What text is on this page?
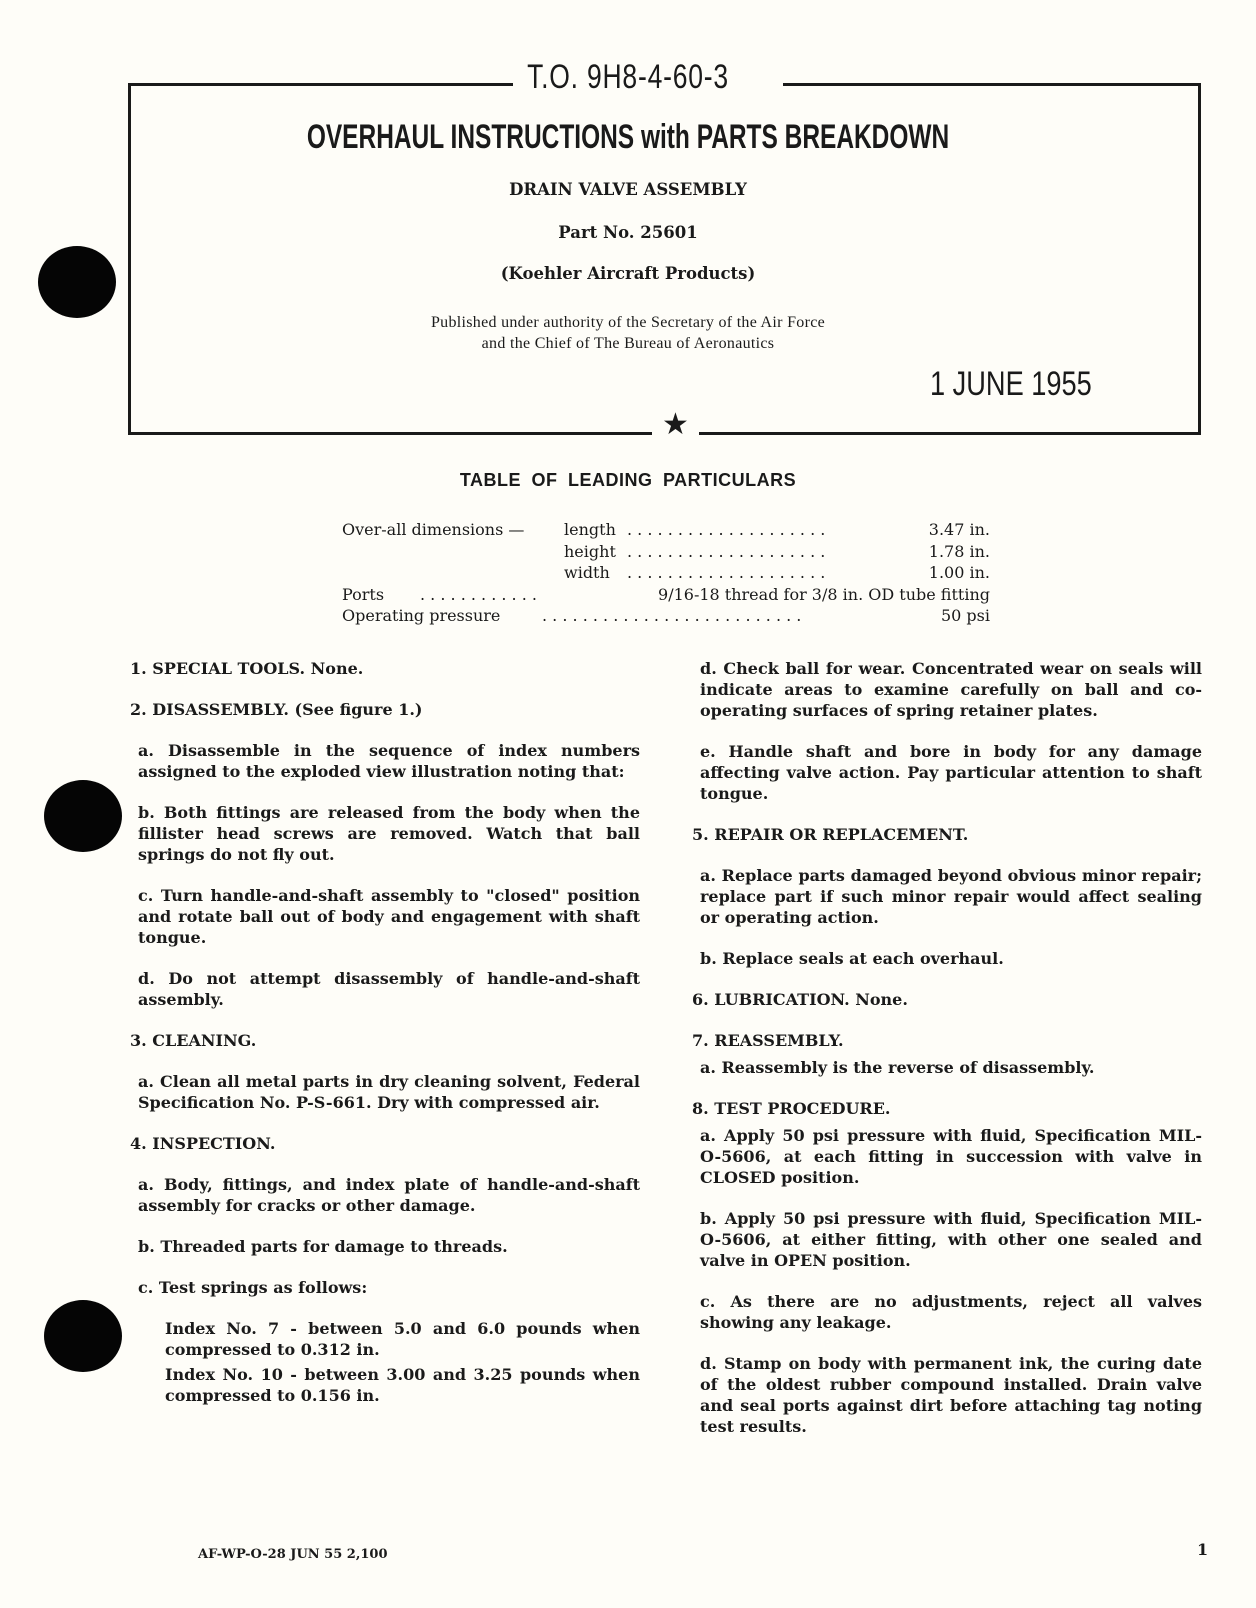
T.O. 9H8-4-60-3
OVERHAUL INSTRUCTIONS with PARTS BREAKDOWN
DRAIN VALVE ASSEMBLY
Part No. 25601
(Koehler Aircraft Products)
Published under authority of the Secretary of the Air Force
and the Chief of The Bureau of Aeronautics
1 JUNE 1955
★
TABLE OF LEADING PARTICULARS
Over-all dimensions — length . . . . . . . . . . . . . . . . . . . .	3.47 in.
height . . . . . . . . . . . . . . . . . . . .	1.78 in.
width . . . . . . . . . . . . . . . . . . . .	1.00 in.
Ports . . . . . . . . . . . .	9/16-18 thread for 3/8 in. OD tube fitting
Operating pressure	. . . . . . . . . . . . . . . . . . . . . . . . . .	50 psi

1. SPECIAL TOOLS. None.

2. DISASSEMBLY. (See figure 1.)

a. Disassemble in the sequence of index numbers assigned to the exploded view illustration noting that:

b. Both fittings are released from the body when the fillister head screws are removed. Watch that ball springs do not fly out.

c. Turn handle-and-shaft assembly to "closed" position and rotate ball out of body and engagement with shaft tongue.

d. Do not attempt disassembly of handle-and-shaft assembly.

3. CLEANING.

a. Clean all metal parts in dry cleaning solvent, Federal Specification No. P-S-661. Dry with compressed air.

4. INSPECTION.

a. Body, fittings, and index plate of handle-and-shaft assembly for cracks or other damage.

b. Threaded parts for damage to threads.

c. Test springs as follows:

Index No. 7 - between 5.0 and 6.0 pounds when compressed to 0.312 in.

Index No. 10 - between 3.00 and 3.25 pounds when compressed to 0.156 in.

d. Check ball for wear. Concentrated wear on seals will indicate areas to examine carefully on ball and co-operating surfaces of spring retainer plates.

e. Handle shaft and bore in body for any damage affecting valve action. Pay particular attention to shaft tongue.

5. REPAIR OR REPLACEMENT.

a. Replace parts damaged beyond obvious minor repair; replace part if such minor repair would affect sealing or operating action.

b. Replace seals at each overhaul.

6. LUBRICATION. None.

7. REASSEMBLY.

a. Reassembly is the reverse of disassembly.

8. TEST PROCEDURE.

a. Apply 50 psi pressure with fluid, Specification MIL-O-5606, at each fitting in succession with valve in CLOSED position.

b. Apply 50 psi pressure with fluid, Specification MIL-O-5606, at either fitting, with other one sealed and valve in OPEN position.

c. As there are no adjustments, reject all valves showing any leakage.

d. Stamp on body with permanent ink, the curing date of the oldest rubber compound installed. Drain valve and seal ports against dirt before attaching tag noting test results.

AF-WP-O-28 JUN 55 2,100	1
